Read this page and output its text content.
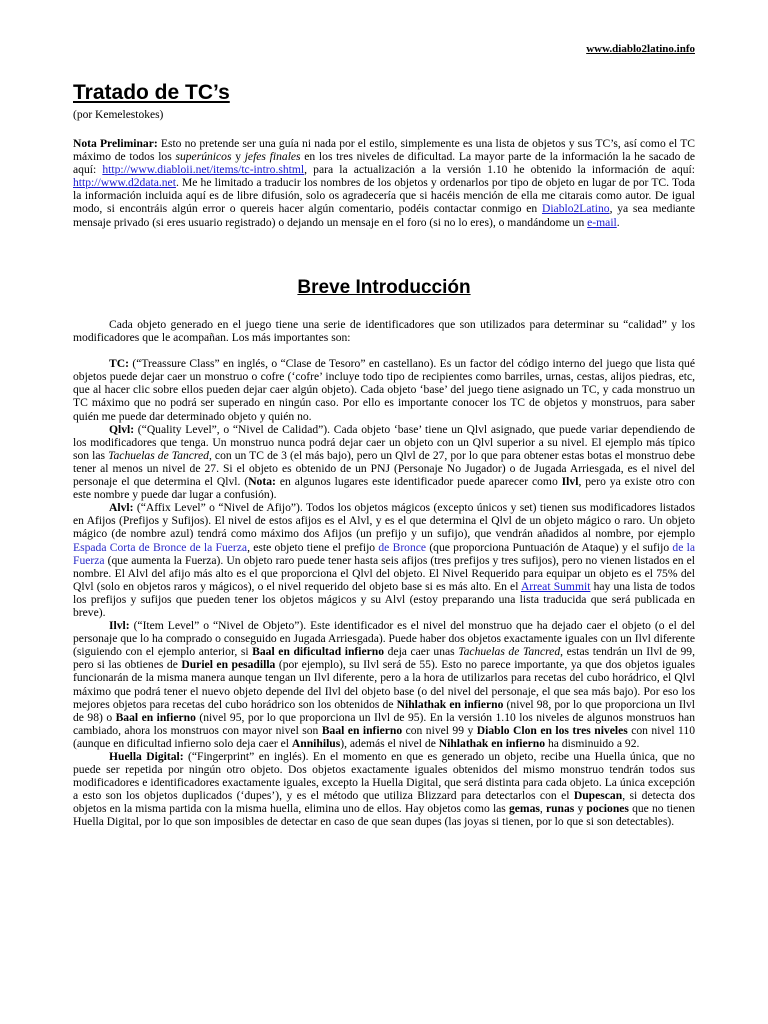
www.diablo2latino.info
Tratado de TC’s
(por Kemelestokes)

Nota Preliminar: Esto no pretende ser una guía ni nada por el estilo, simplemente es una lista de objetos y sus TC’s, así como el TC máximo de todos los superúnicos y jefes finales en los tres niveles de dificultad. La mayor parte de la información la he sacado de aquí: http://www.diabloii.net/items/tc-intro.shtml, para la actualización a la versión 1.10 he obtenido la información de aquí: http://www.d2data.net. Me he limitado a traducir los nombres de los objetos y ordenarlos por tipo de objeto en lugar de por TC. Toda la información incluida aquí es de libre difusión, solo os agradecería que si hacéis mención de ella me citarais como autor. De igual modo, si encontráis algún error o quereis hacer algún comentario, podéis contactar conmigo en Diablo2Latino, ya sea mediante mensaje privado (si eres usuario registrado) o dejando un mensaje en el foro (si no lo eres), o mandándome un e-mail.

Breve Introducción

Cada objeto generado en el juego tiene una serie de identificadores que son utilizados para determinar su “calidad” y los modificadores que le acompañan. Los más importantes son:

TC: (“Treassure Class” en inglés, o “Clase de Tesoro” en castellano). Es un factor del código interno del juego que lista qué objetos puede dejar caer un monstruo o cofre (‘cofre’ incluye todo tipo de recipientes como barriles, urnas, cestas, alijos piedras, etc, que al hacer clic sobre ellos pueden dejar caer algún objeto). Cada objeto ‘base’ del juego tiene asignado un TC, y cada monstruo un TC máximo que no podrá ser superado en ningún caso. Por ello es importante conocer los TC de objetos y monstruos, para saber quién me puede dar determinado objeto y quién no.

Qlvl: (“Quality Level”, o “Nivel de Calidad”). Cada objeto ‘base’ tiene un Qlvl asignado, que puede variar dependiendo de los modificadores que tenga. Un monstruo nunca podrá dejar caer un objeto con un Qlvl superior a su nivel. El ejemplo más típico son las Tachuelas de Tancred, con un TC de 3 (el más bajo), pero un Qlvl de 27, por lo que para obtener estas botas el monstruo debe tener al menos un nivel de 27. Si el objeto es obtenido de un PNJ (Personaje No Jugador) o de Jugada Arriesgada, es el nivel del personaje el que determina el Qlvl. (Nota: en algunos lugares este identificador puede aparecer como Ilvl, pero ya existe otro con este nombre y puede dar lugar a confusión).

Alvl: (“Affix Level” o “Nivel de Afijo”). Todos los objetos mágicos (excepto únicos y set) tienen sus modificadores listados en Afijos (Prefijos y Sufijos). El nivel de estos afijos es el Alvl, y es el que determina el Qlvl de un objeto mágico o raro. Un objeto mágico (de nombre azul) tendrá como máximo dos Afijos (un prefijo y un sufijo), que vendrán añadidos al nombre, por ejemplo Espada Corta de Bronce de la Fuerza, este objeto tiene el prefijo de Bronce (que proporciona Puntuación de Ataque) y el sufijo de la Fuerza (que aumenta la Fuerza). Un objeto raro puede tener hasta seis afijos (tres prefijos y tres sufijos), pero no vienen listados en el nombre. El Alvl del afijo más alto es el que proporciona el Qlvl del objeto. El Nivel Requerido para equipar un objeto es el 75% del Qlvl (solo en objetos raros y mágicos), o el nivel requerido del objeto base si es más alto. En el Arreat Summit hay una lista de todos los prefijos y sufijos que pueden tener los objetos mágicos y su Alvl (estoy preparando una lista traducida que será publicada en breve).

Ilvl: (“Item Level” o “Nivel de Objeto”). Este identificador es el nivel del monstruo que ha dejado caer el objeto (o el del personaje que lo ha comprado o conseguido en Jugada Arriesgada). Puede haber dos objetos exactamente iguales con un Ilvl diferente (siguiendo con el ejemplo anterior, si Baal en dificultad infierno deja caer unas Tachuelas de Tancred, estas tendrán un Ilvl de 99, pero si las obtienes de Duriel en pesadilla (por ejemplo), su Ilvl será de 55). Esto no parece importante, ya que dos objetos iguales funcionarán de la misma manera aunque tengan un Ilvl diferente, pero a la hora de utilizarlos para recetas del cubo horádrico, el Qlvl máximo que podrá tener el nuevo objeto depende del Ilvl del objeto base (o del nivel del personaje, el que sea más bajo). Por eso los mejores objetos para recetas del cubo horádrico son los obtenidos de Nihlathak en infierno (nivel 98, por lo que proporciona un Ilvl de 98) o Baal en infierno (nivel 95, por lo que proporciona un Ilvl de 95). En la versión 1.10 los niveles de algunos monstruos han cambiado, ahora los monstruos con mayor nivel son Baal en infierno con nivel 99 y Diablo Clon en los tres niveles con nivel 110 (aunque en dificultad infierno solo deja caer el Annihilus), además el nivel de Nihlathak en infierno ha disminuido a 92.

Huella Digital: (“Fingerprint” en inglés). En el momento en que es generado un objeto, recibe una Huella única, que no puede ser repetida por ningún otro objeto. Dos objetos exactamente iguales obtenidos del mismo monstruo tendrán todos sus modificadores e identificadores exactamente iguales, excepto la Huella Digital, que será distinta para cada objeto. La única excepción a esto son los objetos duplicados (‘dupes’), y es el método que utiliza Blizzard para detectarlos con el Dupescan, si detecta dos objetos en la misma partida con la misma huella, elimina uno de ellos. Hay objetos como las gemas, runas y pociones que no tienen Huella Digital, por lo que son imposibles de detectar en caso de que sean dupes (las joyas si tienen, por lo que si son detectables).
